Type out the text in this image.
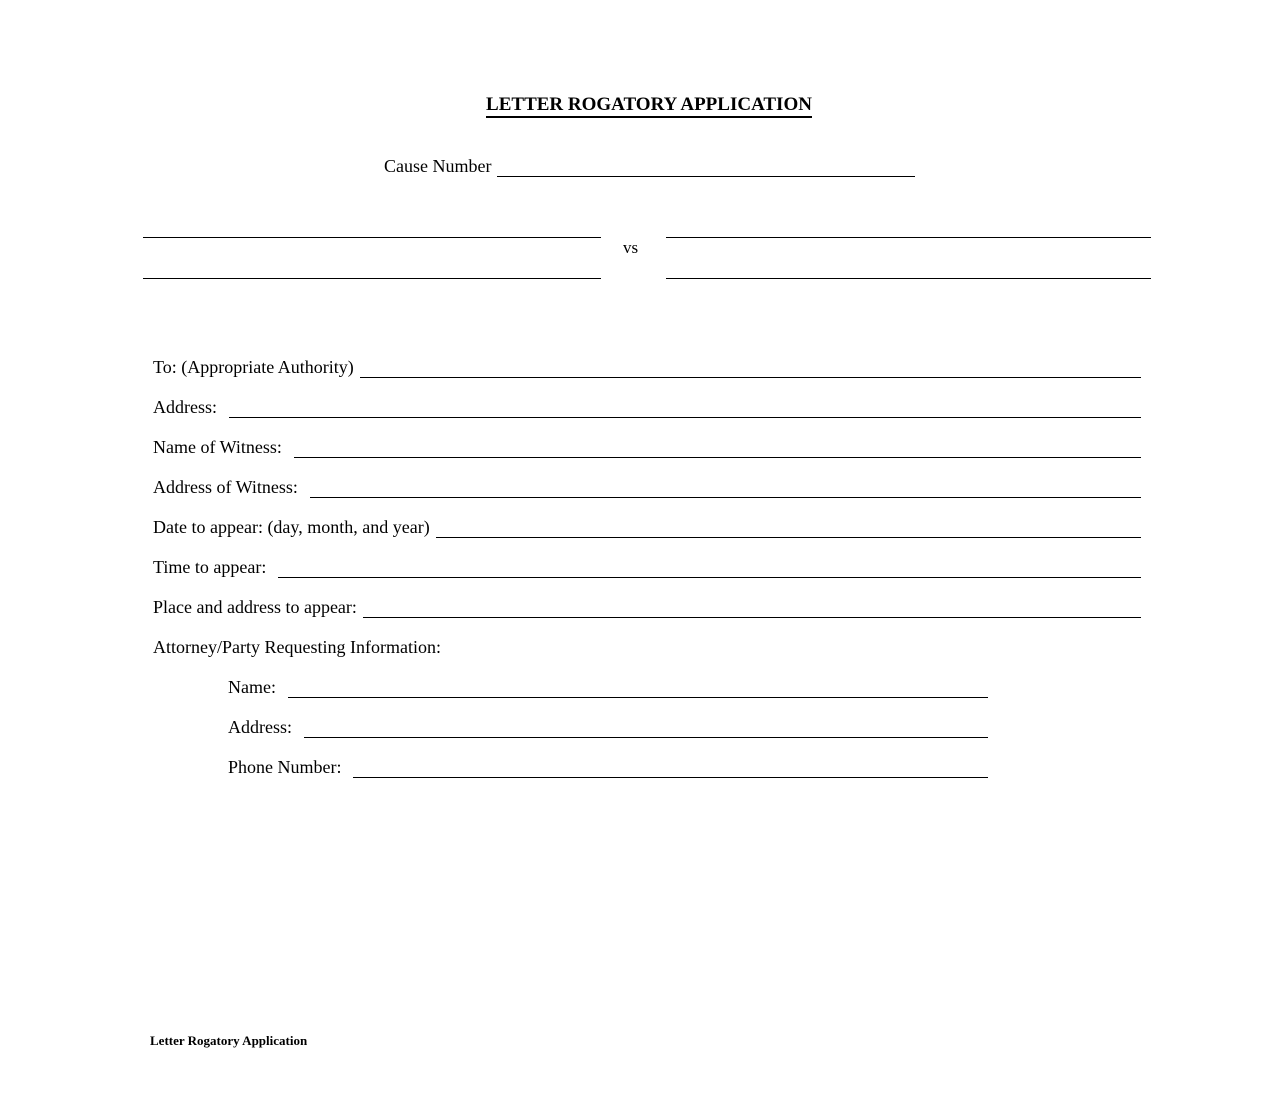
LETTER ROGATORY APPLICATION
Cause Number
vs
To: (Appropriate Authority)
Address:
Name of Witness:
Address of Witness:
Date to appear: (day, month, and year)
Time to appear:
Place and address to appear:
Attorney/Party Requesting Information:
Name:
Address:
Phone Number:
Letter Rogatory Application
